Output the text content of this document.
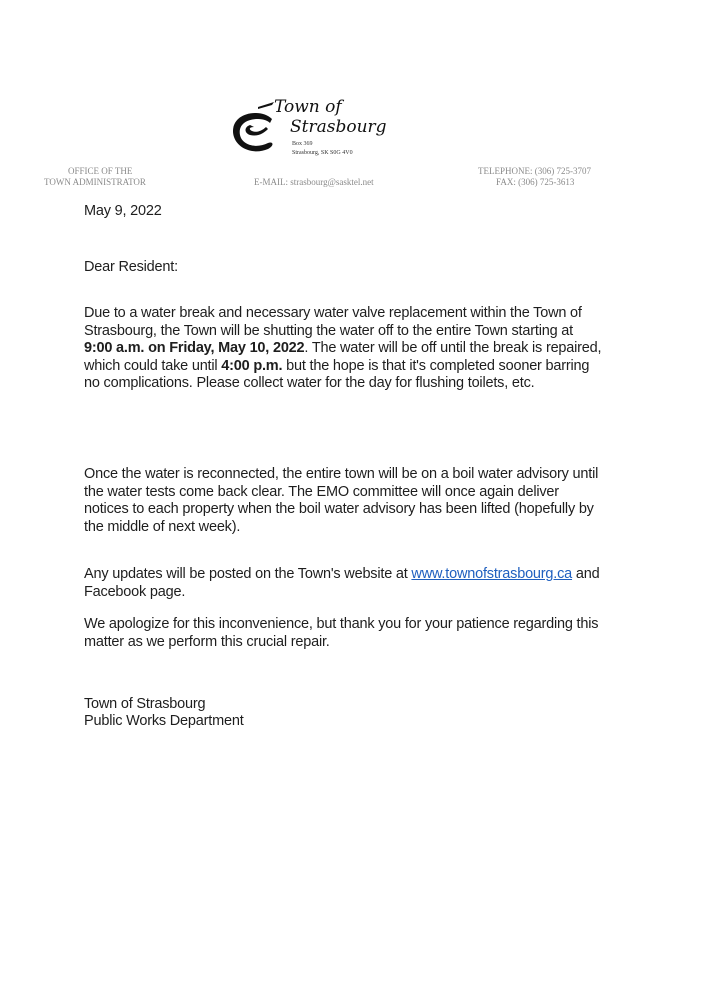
Town of
Strasbourg
Box 369
Strasbourg, SK S0G 4V0
OFFICE OF THE
TOWN ADMINISTRATOR	E-MAIL: strasbourg@sasktel.net
TELEPHONE: (306) 725-3707
FAX: (306) 725-3613
May 9, 2022
Dear Resident:

Due to a water break and necessary water valve replacement within the Town of Strasbourg, the Town will be shutting the water off to the entire Town starting at 9:00 a.m. on Friday, May 10, 2022. The water will be off until the break is repaired, which could take until 4:00 p.m. but the hope is that it's completed sooner barring no complications. Please collect water for the day for flushing toilets, etc.

Once the water is reconnected, the entire town will be on a boil water advisory until the water tests come back clear. The EMO committee will once again deliver notices to each property when the boil water advisory has been lifted (hopefully by the middle of next week).

Any updates will be posted on the Town's website at www.townofstrasbourg.ca and Facebook page.

We apologize for this inconvenience, but thank you for your patience regarding this matter as we perform this crucial repair.
Town of Strasbourg
Public Works Department
